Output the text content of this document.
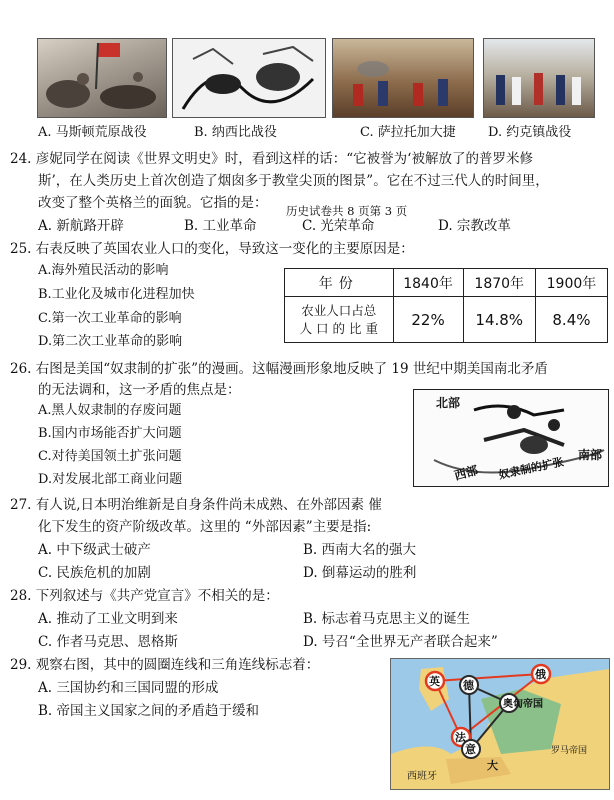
A. 马斯顿荒原战役	B. 纳西比战役	C. 萨拉托加大捷 D. 约克镇战役
24. 彦妮同学在阅读《世界文明史》时，看到这样的话：“它被誉为‘被解放了的普罗米修
斯’，在人类历史上首次创造了烟囱多于教堂尖顶的图景”。它在不过三代人的时间里，
改变了整个英格兰的面貌。它指的是： 历史试卷共 8 页第 3 页
A. 新航路开辟	B. 工业革命	C. 光荣革命	D. 宗教改革
25. 右表反映了英国农业人口的变化，导致这一变化的主要原因是：
A.海外殖民活动的影响
B.工业化及城市化进程加快
C.第一次工业革命的影响
D.第二次工业革命的影响
年份	1840年	1870年	1900年

农业人口占总
人 口 的 比 重	22%	14.8%	8.4%
26. 右图是美国“奴隶制的扩张”的漫画。这幅漫画形象地反映了 19 世纪中期美国南北矛盾
的无法调和，这一矛盾的焦点是：
A.黑人奴隶制的存废问题
B.国内市场能否扩大问题
C.对待美国领土扩张问题
D.对发展北部工商业问题
北部
南部
西部 奴隶制的扩张
27. 有人说,日本明治维新是自身条件尚未成熟、在外部因素 催
化下发生的资产阶级改革。这里的 “外部因素”主要是指:
A. 中下级武士破产	B. 西南大名的强大
C. 民族危机的加剧	D. 倒幕运动的胜利
28. 下列叙述与《共产党宣言》不相关的是：
A. 推动了工业文明到来	B. 标志着马克思主义的诞生
C. 作者马克思、恩格斯	D. 号召“全世界无产者联合起来”
29. 观察右图，其中的圆圈连线和三角连线标志着：
A. 三国协约和三国同盟的形成
B. 帝国主义国家之间的矛盾趋于缓和
英
俄
法
德
奥匈帝国
意
大
西班牙
罗马帝国
